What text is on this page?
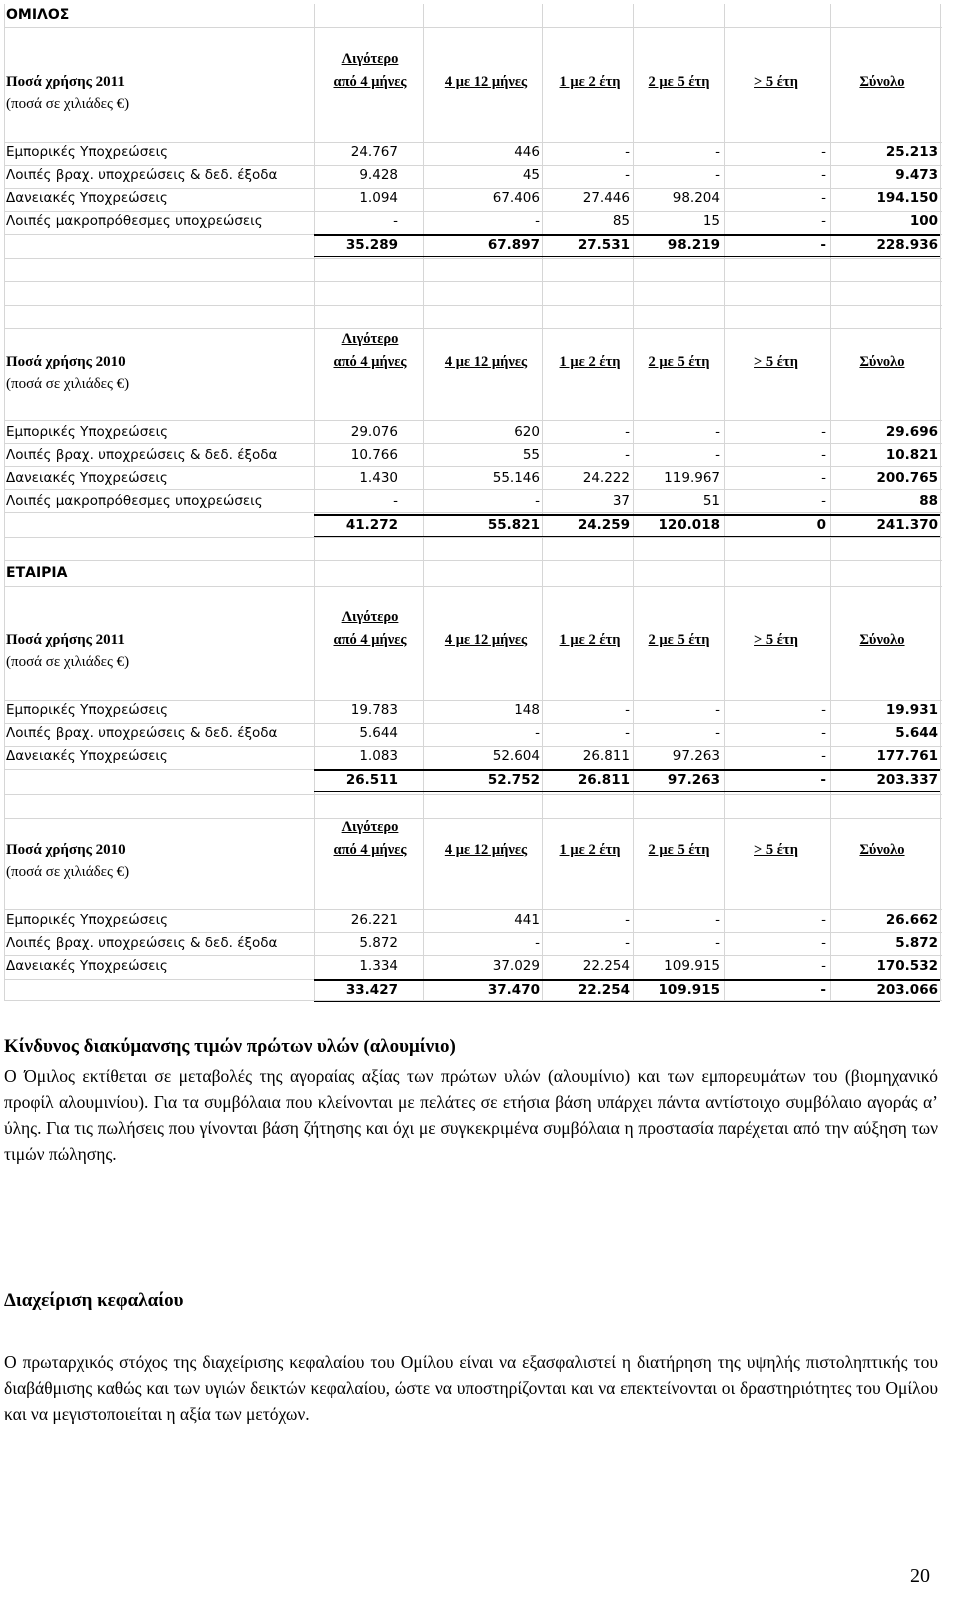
ΟΜΙΛΟΣ
ΕΤΑΙΡΙΑ
Ποσά χρήσης 2011
(ποσά σε χιλιάδες €)
Λιγότερο
από 4 μήνες	4 με 12 μήνες	1 με 2 έτη	2 με 5 έτη	> 5 έτη	Σύνολο
Εμπορικές Υποχρεώσεις	24.767	446	-	-	-	25.213
Λοιπές βραχ. υποχρεώσεις & δεδ. έξοδα	9.428	45	-	-	-	9.473
Δανειακές Υποχρεώσεις	1.094	67.406	27.446	98.204	-	194.150
Λοιπές μακροπρόθεσμες υποχρεώσεις	-	-	85	15	-	100
35.289	67.897	27.531	98.219	-	228.936
Ποσά χρήσης 2010
(ποσά σε χιλιάδες €)
Λιγότερο
από 4 μήνες	4 με 12 μήνες	1 με 2 έτη	2 με 5 έτη	> 5 έτη	Σύνολο
Εμπορικές Υποχρεώσεις	29.076	620	-	-	-	29.696
Λοιπές βραχ. υποχρεώσεις & δεδ. έξοδα	10.766	55	-	-	-	10.821
Δανειακές Υποχρεώσεις	1.430	55.146	24.222	119.967	-	200.765
Λοιπές μακροπρόθεσμες υποχρεώσεις	-	-	37	51	-	88
41.272	55.821	24.259	120.018	0	241.370
Ποσά χρήσης 2011
(ποσά σε χιλιάδες €)
Λιγότερο
από 4 μήνες	4 με 12 μήνες	1 με 2 έτη	2 με 5 έτη	> 5 έτη	Σύνολο
Εμπορικές Υποχρεώσεις	19.783	148	-	-	-	19.931
Λοιπές βραχ. υποχρεώσεις & δεδ. έξοδα	5.644	-	-	-	-	5.644
Δανειακές Υποχρεώσεις	1.083	52.604	26.811	97.263	-	177.761
26.511	52.752	26.811	97.263	-	203.337
Ποσά χρήσης 2010
(ποσά σε χιλιάδες €)
Λιγότερο
από 4 μήνες	4 με 12 μήνες	1 με 2 έτη	2 με 5 έτη	> 5 έτη	Σύνολο
Εμπορικές Υποχρεώσεις	26.221	441	-	-	-	26.662
Λοιπές βραχ. υποχρεώσεις & δεδ. έξοδα	5.872	-	-	-	-	5.872
Δανειακές Υποχρεώσεις	1.334	37.029	22.254	109.915	-	170.532
33.427	37.470	22.254	109.915	-	203.066
Κίνδυνος διακύμανσης τιμών πρώτων υλών (αλουμίνιο)
Ο Όμιλος εκτίθεται σε μεταβολές της αγοραίας αξίας των πρώτων υλών (αλουμίνιο) και των εμπορευμάτων του (βιομηχανικό προφίλ αλουμινίου). Για τα συμβόλαια που κλείνονται με πελάτες σε ετήσια βάση υπάρχει πάντα αντίστοιχο συμβόλαιο αγοράς α’ ύλης. Για τις πωλήσεις που γίνονται βάση ζήτησης και όχι με συγκεκριμένα συμβόλαια η προστασία παρέχεται από την αύξηση των τιμών πώλησης.
Διαχείριση κεφαλαίου
Ο πρωταρχικός στόχος της διαχείρισης κεφαλαίου του Ομίλου είναι να εξασφαλιστεί η διατήρηση της υψηλής πιστοληπτικής του διαβάθμισης καθώς και των υγιών δεικτών κεφαλαίου, ώστε να υποστηρίζονται και να επεκτείνονται οι δραστηριότητες του Ομίλου και να μεγιστοποιείται η αξία των μετόχων.
20
